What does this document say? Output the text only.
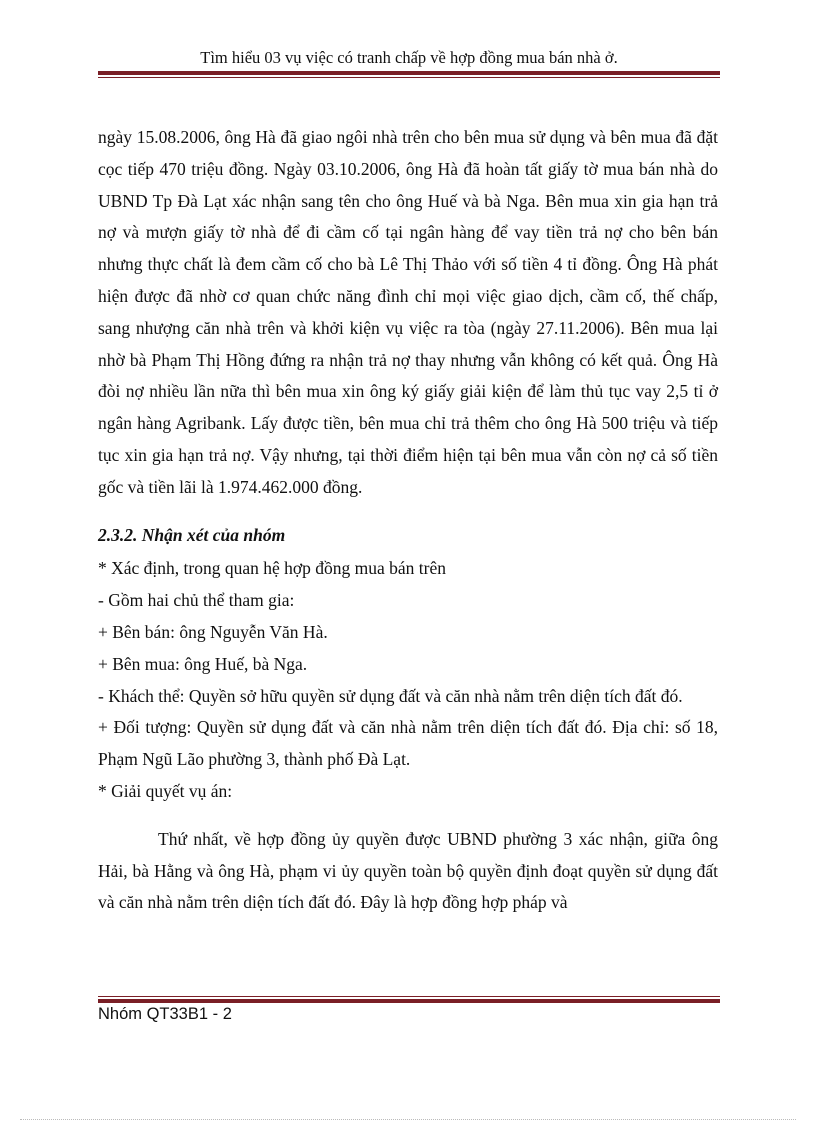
Tìm hiểu 03 vụ việc có tranh chấp về hợp đồng mua bán nhà ở.

ngày 15.08.2006, ông Hà đã giao ngôi nhà trên cho bên mua sử dụng và bên mua đã đặt cọc tiếp 470 triệu đồng. Ngày 03.10.2006, ông Hà đã hoàn tất giấy tờ mua bán nhà do UBND Tp Đà Lạt xác nhận sang tên cho ông Huế và bà Nga. Bên mua xin gia hạn trả nợ và mượn giấy tờ nhà để đi cầm cố tại ngân hàng để vay tiền trả nợ cho bên bán nhưng thực chất là đem cầm cố cho bà Lê Thị Thảo với số tiền 4 tỉ đồng. Ông Hà phát hiện được đã nhờ cơ quan chức năng đình chỉ mọi việc giao dịch, cầm cố, thế chấp, sang nhượng căn nhà trên và khởi kiện vụ việc ra tòa (ngày 27.11.2006). Bên mua lại nhờ bà Phạm Thị Hồng đứng ra nhận trả nợ thay nhưng vẫn không có kết quả. Ông Hà đòi nợ nhiều lần nữa thì bên mua xin ông ký giấy giải kiện để làm thủ tục vay 2,5 tỉ ở ngân hàng Agribank. Lấy được tiền, bên mua chỉ trả thêm cho ông Hà 500 triệu và tiếp tục xin gia hạn trả nợ. Vậy nhưng, tại thời điểm hiện tại bên mua vẫn còn nợ cả số tiền gốc và tiền lãi là 1.974.462.000 đồng.

2.3.2. Nhận xét của nhóm

* Xác định, trong quan hệ hợp đồng mua bán trên

- Gồm hai chủ thể tham gia:

+ Bên bán: ông Nguyễn Văn Hà.

+ Bên mua: ông Huế, bà Nga.

- Khách thể: Quyền sở hữu quyền sử dụng đất và căn nhà nằm trên diện tích đất đó.

+ Đối tượng: Quyền sử dụng đất và căn nhà nằm trên diện tích đất đó. Địa chỉ: số 18, Phạm Ngũ Lão phường 3, thành phố Đà Lạt.

* Giải quyết vụ án:

Thứ nhất, về hợp đồng ủy quyền được UBND phường 3 xác nhận, giữa ông Hải, bà Hằng và ông Hà, phạm vi ủy quyền toàn bộ quyền định đoạt quyền sử dụng đất và căn nhà nằm trên diện tích đất đó. Đây là hợp đồng hợp pháp và

Nhóm QT33B1 - 2
